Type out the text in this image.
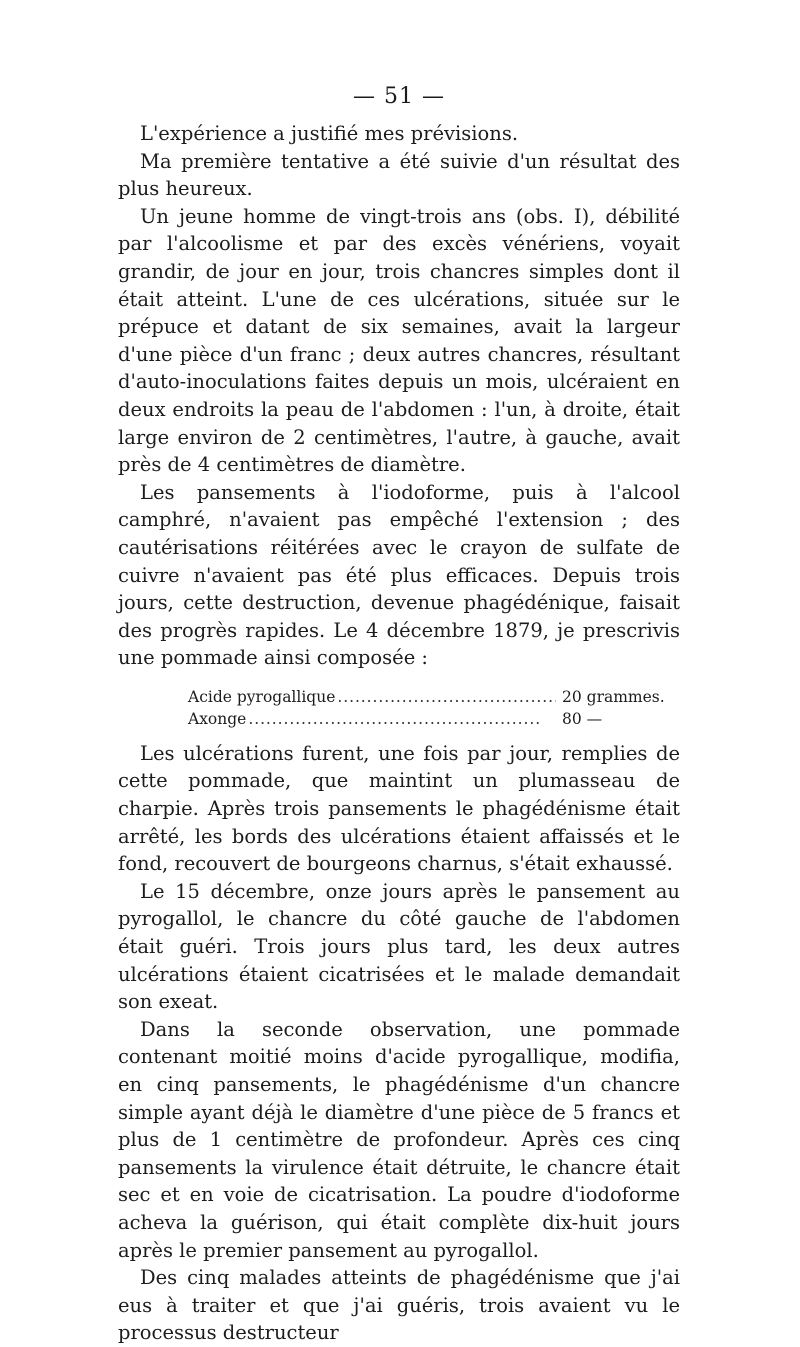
— 51 —

L'expérience a justifié mes prévisions.

Ma première tentative a été suivie d'un résultat des plus heureux.

Un jeune homme de vingt-trois ans (obs. I), débilité par l'alcoolisme et par des excès vénériens, voyait grandir, de jour en jour, trois chancres simples dont il était atteint. L'une de ces ulcérations, située sur le prépuce et datant de six semaines, avait la largeur d'une pièce d'un franc ; deux autres chancres, résultant d'auto-inoculations faites depuis un mois, ulcéraient en deux endroits la peau de l'abdomen : l'un, à droite, était large environ de 2 centimètres, l'autre, à gauche, avait près de 4 centimètres de diamètre.

Les pansements à l'iodoforme, puis à l'alcool camphré, n'avaient pas empêché l'extension ; des cautérisations réitérées avec le crayon de sulfate de cuivre n'avaient pas été plus efficaces. Depuis trois jours, cette destruction, devenue phagédénique, faisait des progrès rapides. Le 4 décembre 1879, je prescrivis une pommade ainsi composée :

Acide pyrogallique . . .	20 grammes.
Axonge . . .	80 —

Les ulcérations furent, une fois par jour, remplies de cette pommade, que maintint un plumasseau de charpie. Après trois pansements le phagédénisme était arrêté, les bords des ulcérations étaient affaissés et le fond, recouvert de bourgeons charnus, s'était exhaussé.

Le 15 décembre, onze jours après le pansement au pyrogallol, le chancre du côté gauche de l'abdomen était guéri. Trois jours plus tard, les deux autres ulcérations étaient cicatrisées et le malade demandait son exeat.

Dans la seconde observation, une pommade contenant moitié moins d'acide pyrogallique, modifia, en cinq pansements, le phagédénisme d'un chancre simple ayant déjà le diamètre d'une pièce de 5 francs et plus de 1 centimètre de profondeur. Après ces cinq pansements la virulence était détruite, le chancre était sec et en voie de cicatrisation. La poudre d'iodoforme acheva la guérison, qui était complète dix-huit jours après le premier pansement au pyrogallol.

Des cinq malades atteints de phagédénisme que j'ai eus à traiter et que j'ai guéris, trois avaient vu le processus destructeur
